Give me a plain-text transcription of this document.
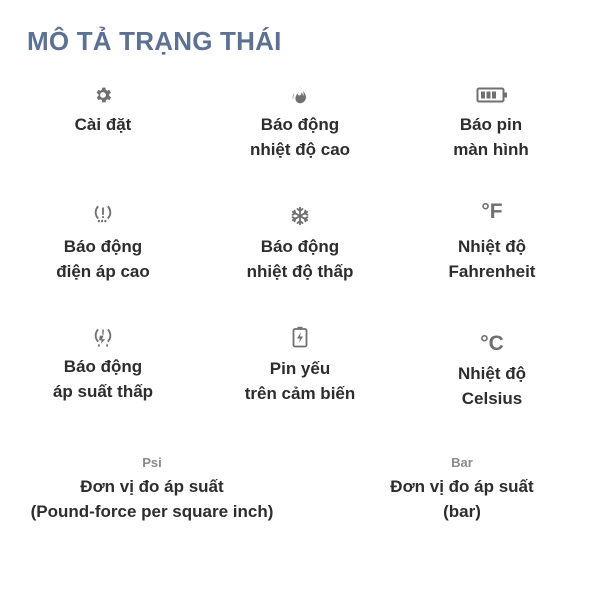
MÔ TẢ TRẠNG THÁI
Cài đặt	Báo động
nhiệt độ cao
Báo pin
màn hình
Báo động
điện áp cao
Báo động
nhiệt độ thấp
°F
Nhiệt độ
Fahrenheit
Báo động
áp suất thấp
Pin yếu
trên cảm biến
°C
Nhiệt độ
Celsius
Psi
Đơn vị đo áp suất
(Pound-force per square inch)
Bar
Đơn vị đo áp suất
(bar)
